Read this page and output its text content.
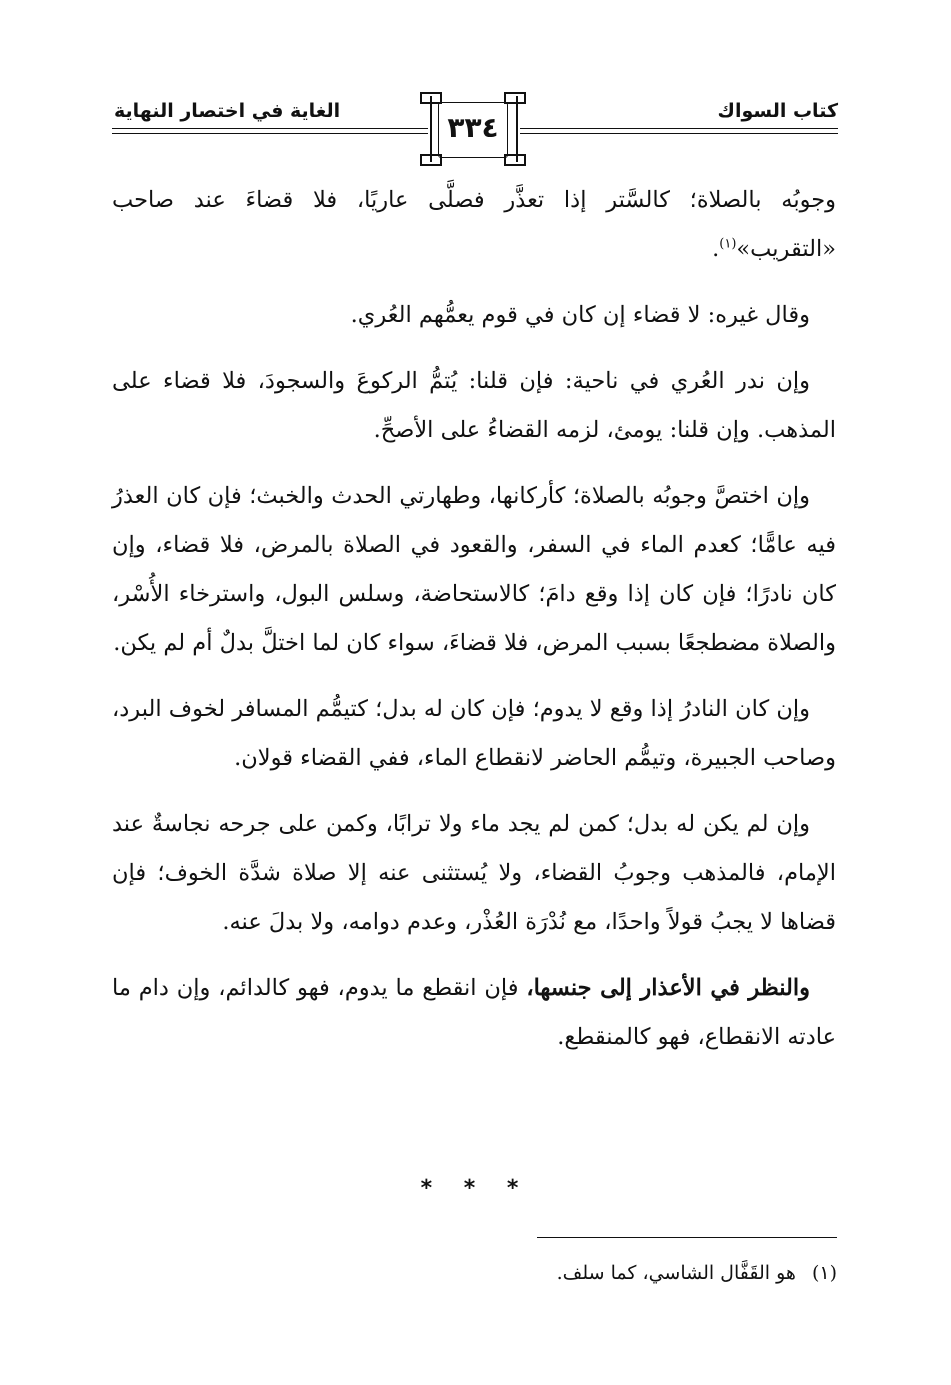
كتاب السواك
الغاية في اختصار النهاية	٣٣٤

وجوبُه بالصلاة؛ كالسَّتر إذا تعذَّر فصلَّى عاريًا، فلا قضاءَ عند صاحب «التقريب»$^{(١)}$.

وقال غيره: لا قضاء إن كان في قوم يعمُّهم العُري.

وإن ندر العُري في ناحية: فإن قلنا: يُتمُّ الركوعَ والسجودَ، فلا قضاء على المذهب. وإن قلنا: يومئ، لزمه القضاءُ على الأصحِّ.

وإن اختصَّ وجوبُه بالصلاة؛ كأركانها، وطهارتي الحدث والخبث؛ فإن كان العذرُ فيه عامًّا؛ كعدم الماء في السفر، والقعود في الصلاة بالمرض، فلا قضاء، وإن كان نادرًا؛ فإن كان إذا وقع دامَ؛ كالاستحاضة، وسلس البول، واسترخاء الأُسْر، والصلاة مضطجعًا بسبب المرض، فلا قضاءَ، سواء كان لما اختلَّ بدلٌ أم لم يكن.

وإن كان النادرُ إذا وقع لا يدوم؛ فإن كان له بدل؛ كتيمُّم المسافر لخوف البرد، وصاحب الجبيرة، وتيمُّم الحاضر لانقطاع الماء، ففي القضاء قولان.

وإن لم يكن له بدل؛ كمن لم يجد ماء ولا ترابًا، وكمن على جرحه نجاسةٌ عند الإمام، فالمذهب وجوبُ القضاء، ولا يُستثنى عنه إلا صلاة شدَّة الخوف؛ فإن قضاها لا يجبُ قولاً واحدًا، مع نُدْرَة العُذْر، وعدم دوامه، ولا بدلَ عنه.

والنظر في الأعذار إلى جنسها، فإن انقطع ما يدوم، فهو كالدائم، وإن دام ما عادته الانقطاع، فهو كالمنقطع.

* * *
(١)هو القَفَّال الشاسي، كما سلف.
